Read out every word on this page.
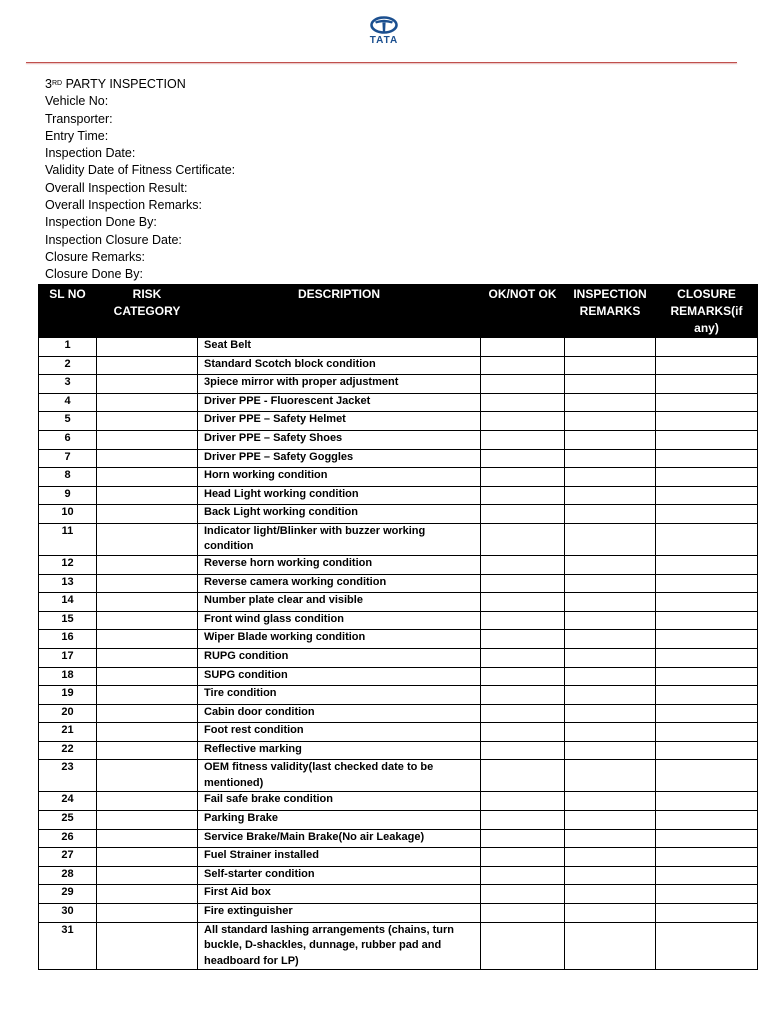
TATA
3RD PARTY INSPECTION
Vehicle No:
Transporter:
Entry Time:
Inspection Date:
Validity Date of Fitness Certificate:
Overall Inspection Result:
Overall Inspection Remarks:
Inspection Done By:
Inspection Closure Date:
Closure Remarks:
Closure Done By:
SL NO	RISK CATEGORY	DESCRIPTION	OK/NOT OK	INSPECTION REMARKS	CLOSURE REMARKS(if any)
1		Seat Belt			
2		Standard Scotch block condition			
3		3piece mirror with proper adjustment			
4		Driver PPE - Fluorescent Jacket			
5		Driver PPE – Safety Helmet			
6		Driver PPE – Safety Shoes			
7		Driver PPE – Safety Goggles			
8		Horn working condition			
9		Head Light working condition			
10		Back Light working condition			
11		Indicator light/Blinker with buzzer working condition			
12		Reverse horn working condition			
13		Reverse camera working condition			
14		Number plate clear and visible			
15		Front wind glass condition			
16		Wiper Blade working condition			
17		RUPG condition			
18		SUPG condition			
19		Tire condition			
20		Cabin door condition			
21		Foot rest condition			
22		Reflective marking			
23		OEM fitness validity(last checked date to be mentioned)			
24		Fail safe brake condition			
25		Parking Brake			
26		Service Brake/Main Brake(No air Leakage)			
27		Fuel Strainer installed			
28		Self-starter condition			
29		First Aid box			
30		Fire extinguisher			
31		All standard lashing arrangements (chains, turn buckle, D-shackles, dunnage, rubber pad and headboard for LP)			
